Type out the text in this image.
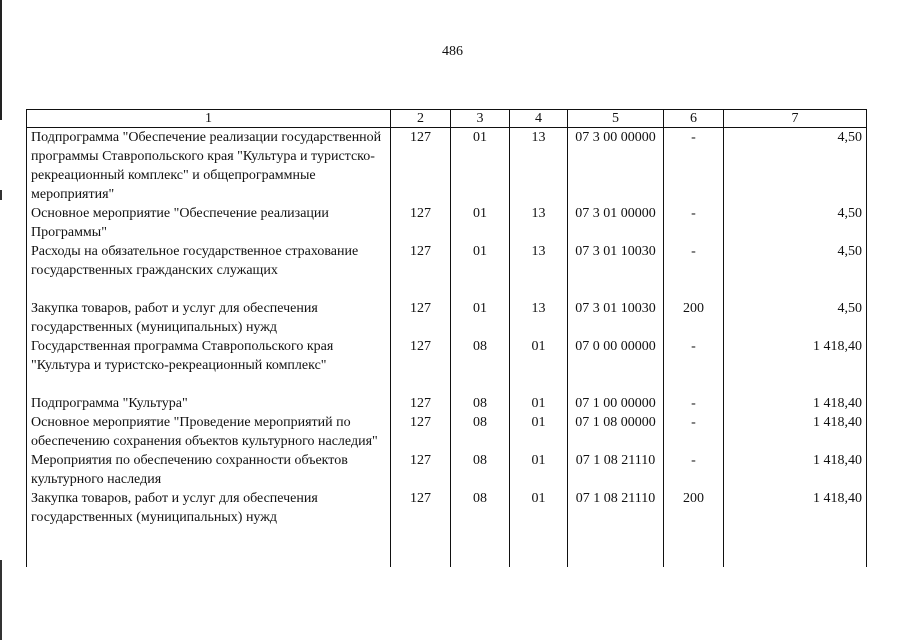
486
1	2	3	4	5	6	7
Подпрограмма "Обеспечение реализации государственной программы Ставропольского края "Культура и туристско-рекреационный комплекс" и общепрограммные мероприятия"	127	01	13	07 3 00 00000	-	4,50
Основное мероприятие "Обеспечение реализации Программы"	127	01	13	07 3 01 00000	-	4,50
Расходы на обязательное государственное страхование государственных гражданских служащих	127	01	13	07 3 01 10030	-	4,50
Закупка товаров, работ и услуг для обеспечения государственных (муниципальных) нужд	127	01	13	07 3 01 10030	200	4,50
Государственная программа Ставропольского края "Культура и туристско-рекреационный комплекс"	127	08	01	07 0 00 00000	-	1 418,40
Подпрограмма "Культура"	127	08	01	07 1 00 00000	-	1 418,40
Основное мероприятие "Проведение мероприятий по обеспечению сохранения объектов культурного наследия"	127	08	01	07 1 08 00000	-	1 418,40
Мероприятия по обеспечению сохранности объектов культурного наследия	127	08	01	07 1 08 21110	-	1 418,40
Закупка товаров, работ и услуг для обеспечения государственных (муниципальных) нужд	127	08	01	07 1 08 21110	200	1 418,40
